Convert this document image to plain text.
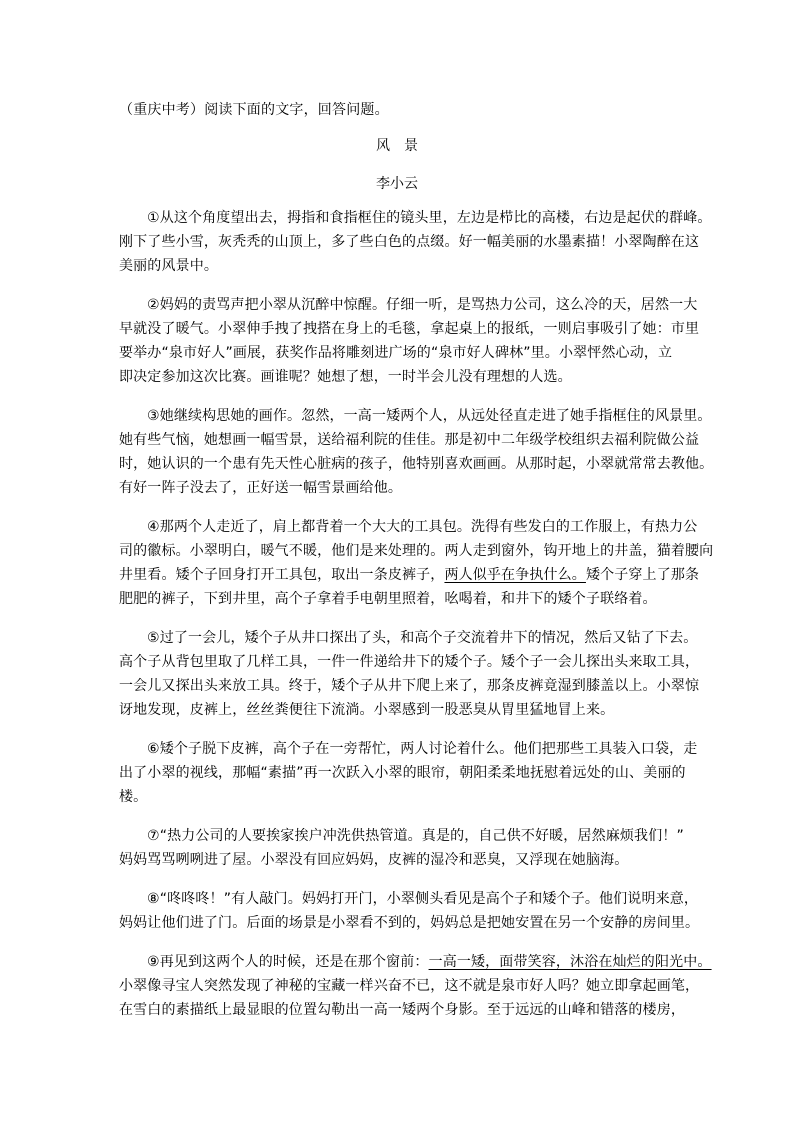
（重庆中考）阅读下面的文字，回答问题。
风　景
李小云

①从这个角度望出去，拇指和食指框住的镜头里，左边是栉比的高楼，右边是起伏的群峰。
刚下了些小雪，灰秃秃的山顶上，多了些白色的点缀。好一幅美丽的水墨素描！小翠陶醉在这
美丽的风景中。

②妈妈的责骂声把小翠从沉醉中惊醒。仔细一听，是骂热力公司，这么冷的天，居然一大
早就没了暖气。小翠伸手拽了拽搭在身上的毛毯，拿起桌上的报纸，一则启事吸引了她：市里
要举办“泉市好人”画展，获奖作品将雕刻进广场的“泉市好人碑林”里。小翠怦然心动，立
即决定参加这次比赛。画谁呢？她想了想，一时半会儿没有理想的人选。

③她继续构思她的画作。忽然，一高一矮两个人，从远处径直走进了她手指框住的风景里。
她有些气恼，她想画一幅雪景，送给福利院的佳佳。那是初中二年级学校组织去福利院做公益
时，她认识的一个患有先天性心脏病的孩子，他特别喜欢画画。从那时起，小翠就常常去教他。
有好一阵子没去了，正好送一幅雪景画给他。

④那两个人走近了，肩上都背着一个大大的工具包。洗得有些发白的工作服上，有热力公
司的徽标。小翠明白，暖气不暖，他们是来处理的。两人走到窗外，钩开地上的井盖，猫着腰向
井里看。矮个子回身打开工具包，取出一条皮裤子，两人似乎在争执什么。矮个子穿上了那条
肥肥的裤子，下到井里，高个子拿着手电朝里照着，吆喝着，和井下的矮个子联络着。

⑤过了一会儿，矮个子从井口探出了头，和高个子交流着井下的情况，然后又钻了下去。
高个子从背包里取了几样工具，一件一件递给井下的矮个子。矮个子一会儿探出头来取工具，
一会儿又探出头来放工具。终于，矮个子从井下爬上来了，那条皮裤竟湿到膝盖以上。小翠惊
讶地发现，皮裤上，丝丝粪便往下流淌。小翠感到一股恶臭从胃里猛地冒上来。

⑥矮个子脱下皮裤，高个子在一旁帮忙，两人讨论着什么。他们把那些工具装入口袋，走
出了小翠的视线，那幅“素描”再一次跃入小翠的眼帘，朝阳柔柔地抚慰着远处的山、美丽的
楼。

⑦“热力公司的人要挨家挨户冲洗供热管道。真是的，自己供不好暖，居然麻烦我们！”
妈妈骂骂咧咧进了屋。小翠没有回应妈妈，皮裤的湿冷和恶臭，又浮现在她脑海。

⑧“咚咚咚！”有人敲门。妈妈打开门，小翠侧头看见是高个子和矮个子。他们说明来意，
妈妈让他们进了门。后面的场景是小翠看不到的，妈妈总是把她安置在另一个安静的房间里。

⑨再见到这两个人的时候，还是在那个窗前：一高一矮，面带笑容，沐浴在灿烂的阳光中。
小翠像寻宝人突然发现了神秘的宝藏一样兴奋不已，这不就是泉市好人吗？她立即拿起画笔，
在雪白的素描纸上最显眼的位置勾勒出一高一矮两个身影。至于远远的山峰和错落的楼房，
